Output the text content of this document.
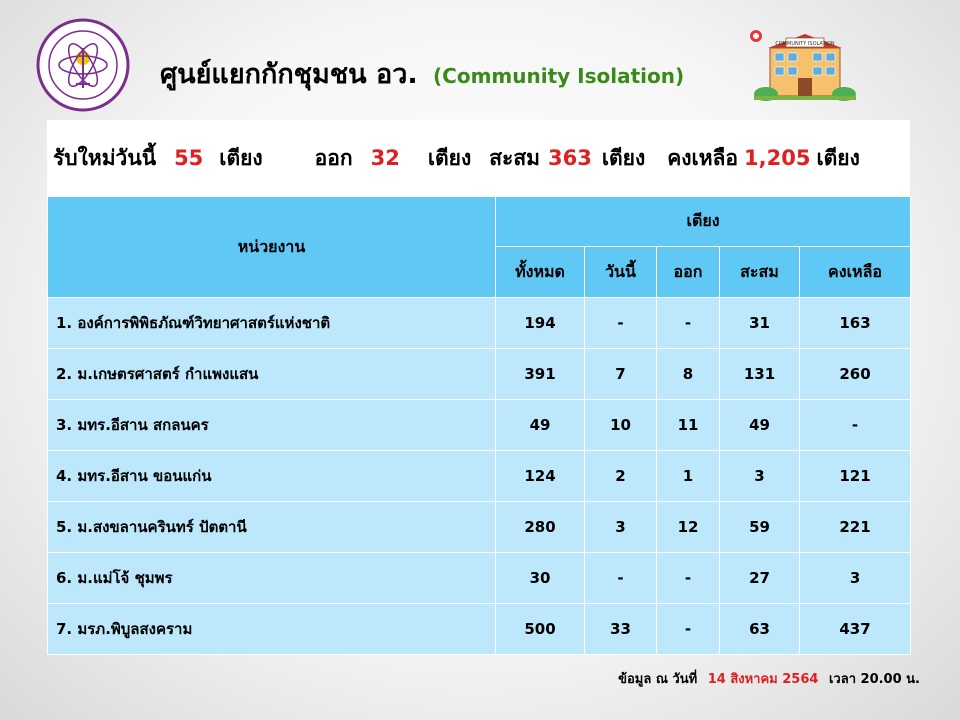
ศูนย์แยกกักชุมชน อว. (Community Isolation)
COMMUNITY ISOLATION
รับใหม่วันนี้ 55 เตียง ออก 32 เตียง สะสม 363 เตียง คงเหลือ 1,205 เตียง
หน่วยงาน	เตียง				
	ทั้งหมด	วันนี้	ออก	สะสม	คงเหลือ
1. องค์การพิพิธภัณฑ์วิทยาศาสตร์แห่งชาติ	194	-	-	31	163
2. ม.เกษตรศาสตร์ กำแพงแสน	391	7	8	131	260
3. มทร.อีสาน สกลนคร	49	10	11	49	-
4. มทร.อีสาน ขอนแก่น	124	2	1	3	121
5. ม.สงขลานครินทร์ ปัตตานี	280	3	12	59	221
6. ม.แม่โจ้ ชุมพร	30	-	-	27	3
7. มรภ.พิบูลสงคราม	500	33	-	63	437
ข้อมูล ณ วันที่ 14 สิงหาคม 2564 เวลา 20.00 น.
